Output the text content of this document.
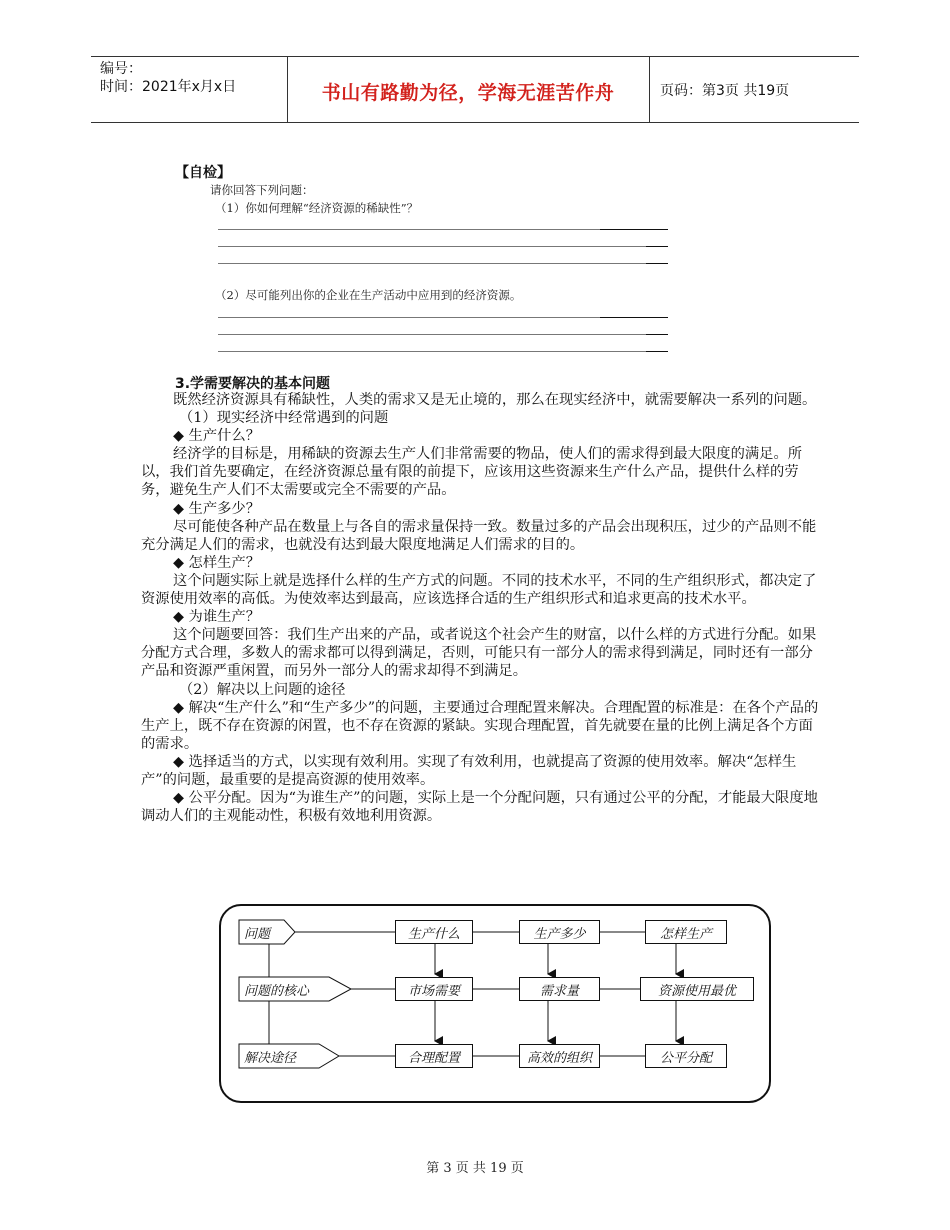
编号：
时间：2021年x月x日	书山有路勤为径，学海无涯苦作舟	页码：第3页 共19页
【自检】
请你回答下列问题：
（1）你如何理解“经济资源的稀缺性”？
（2）尽可能列出你的企业在生产活动中应用到的经济资源。
3.学需要解决的基本问题

既然经济资源具有稀缺性，人类的需求又是无止境的，那么在现实经济中，就需要解决一系列的问题。

（1）现实经济中经常遇到的问题

◆ 生产什么？

经济学的目标是，用稀缺的资源去生产人们非常需要的物品，使人们的需求得到最大限度的满足。所以，我们首先要确定，在经济资源总量有限的前提下，应该用这些资源来生产什么产品，提供什么样的劳务，避免生产人们不太需要或完全不需要的产品。

◆ 生产多少？

尽可能使各种产品在数量上与各自的需求量保持一致。数量过多的产品会出现积压，过少的产品则不能充分满足人们的需求，也就没有达到最大限度地满足人们需求的目的。

◆ 怎样生产？

这个问题实际上就是选择什么样的生产方式的问题。不同的技术水平，不同的生产组织形式，都决定了资源使用效率的高低。为使效率达到最高，应该选择合适的生产组织形式和追求更高的技术水平。

◆ 为谁生产？

这个问题要回答：我们生产出来的产品，或者说这个社会产生的财富，以什么样的方式进行分配。如果分配方式合理，多数人的需求都可以得到满足，否则，可能只有一部分人的需求得到满足，同时还有一部分产品和资源严重闲置，而另外一部分人的需求却得不到满足。

（2）解决以上问题的途径

◆ 解决“生产什么”和“生产多少”的问题，主要通过合理配置来解决。合理配置的标准是：在各个产品的生产上，既不存在资源的闲置，也不存在资源的紧缺。实现合理配置，首先就要在量的比例上满足各个方面的需求。

◆ 选择适当的方式，以实现有效利用。实现了有效利用，也就提高了资源的使用效率。解决“怎样生产”的问题，最重要的是提高资源的使用效率。

◆ 公平分配。因为“为谁生产”的问题，实际上是一个分配问题，只有通过公平的分配，才能最大限度地调动人们的主观能动性，积极有效地利用资源。

问题
问题的核心
解决途径
生产什么	生产多少	怎样生产
市场需要	需求量	资源使用最优
合理配置	高效的组织	公平分配
第 3 页 共 19 页
